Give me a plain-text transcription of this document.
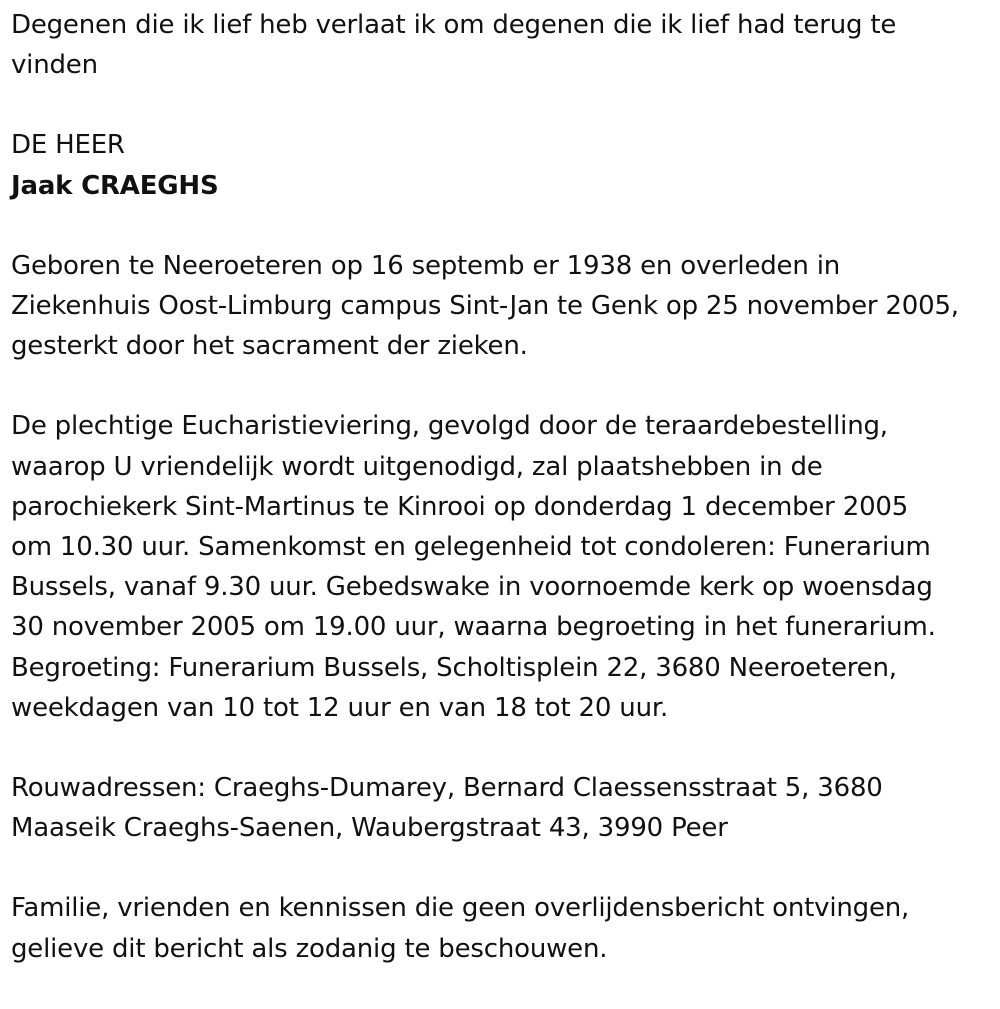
Degenen die ik lief heb verlaat ik om degenen die ik lief had terug te
vinden

DE HEER

Jaak CRAEGHS

Geboren te Neeroeteren op 16 septemb er 1938 en overleden in
Ziekenhuis Oost-Limburg campus Sint-Jan te Genk op 25 november 2005,
gesterkt door het sacrament der zieken.

De plechtige Eucharistieviering, gevolgd door de teraardebestelling,
waarop U vriendelijk wordt uitgenodigd, zal plaatshebben in de
parochiekerk Sint-Martinus te Kinrooi op donderdag 1 december 2005
om 10.30 uur. Samenkomst en gelegenheid tot condoleren: Funerarium
Bussels, vanaf 9.30 uur. Gebedswake in voornoemde kerk op woensdag
30 november 2005 om 19.00 uur, waarna begroeting in het funerarium.
Begroeting: Funerarium Bussels, Scholtisplein 22, 3680 Neeroeteren,
weekdagen van 10 tot 12 uur en van 18 tot 20 uur.

Rouwadressen: Craeghs-Dumarey, Bernard Claessensstraat 5, 3680
Maaseik Craeghs-Saenen, Waubergstraat 43, 3990 Peer

Familie, vrienden en kennissen die geen overlijdensbericht ontvingen,
gelieve dit bericht als zodanig te beschouwen.
